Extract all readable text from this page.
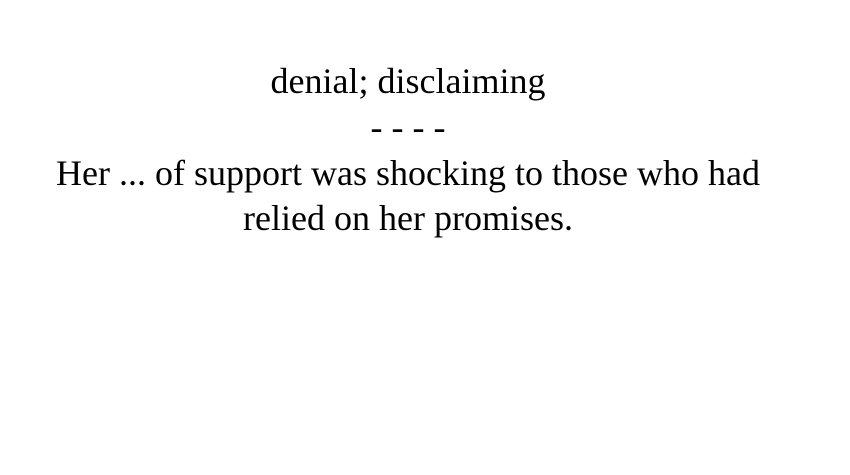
denial; disclaiming
- - - -
Her ... of support was shocking to those who had relied on her promises.
